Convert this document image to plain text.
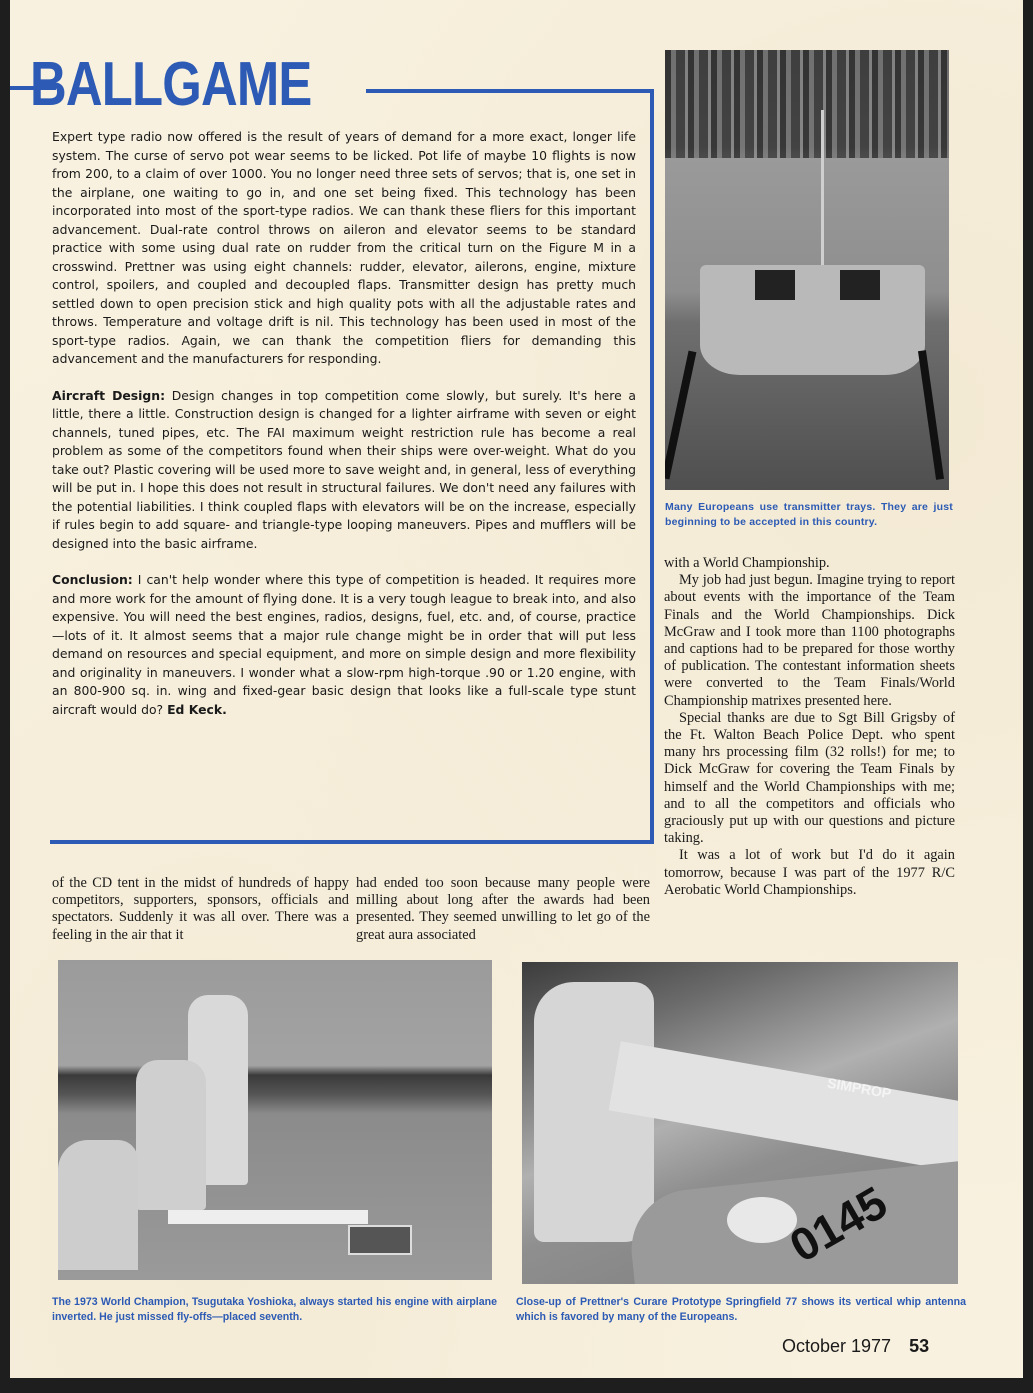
BALLGAME

Expert type radio now offered is the result of years of demand for a more exact, longer life system. The curse of servo pot wear seems to be licked. Pot life of maybe 10 flights is now from 200, to a claim of over 1000. You no longer need three sets of servos; that is, one set in the airplane, one waiting to go in, and one set being fixed. This technology has been incorporated into most of the sport-type radios. We can thank these fliers for this important advancement. Dual-rate control throws on aileron and elevator seems to be standard practice with some using dual rate on rudder from the critical turn on the Figure M in a crosswind. Prettner was using eight channels: rudder, elevator, ailerons, engine, mixture control, spoilers, and coupled and decoupled flaps. Transmitter design has pretty much settled down to open precision stick and high quality pots with all the adjustable rates and throws. Temperature and voltage drift is nil. This technology has been used in most of the sport-type radios. Again, we can thank the competition fliers for demanding this advancement and the manufacturers for responding.

Aircraft Design: Design changes in top competition come slowly, but surely. It's here a little, there a little. Construction design is changed for a lighter airframe with seven or eight channels, tuned pipes, etc. The FAI maximum weight restriction rule has become a real problem as some of the competitors found when their ships were over-weight. What do you take out? Plastic covering will be used more to save weight and, in general, less of everything will be put in. I hope this does not result in structural failures. We don't need any failures with the potential liabilities. I think coupled flaps with elevators will be on the increase, especially if rules begin to add square- and triangle-type looping maneuvers. Pipes and mufflers will be designed into the basic airframe.

Conclusion: I can't help wonder where this type of competition is headed. It requires more and more work for the amount of flying done. It is a very tough league to break into, and also expensive. You will need the best engines, radios, designs, fuel, etc. and, of course, practice—lots of it. It almost seems that a major rule change might be in order that will put less demand on resources and special equipment, and more on simple design and more flexibility and originality in maneuvers. I wonder what a slow-rpm high-torque .90 or 1.20 engine, with an 800-900 sq. in. wing and fixed-gear basic design that looks like a full-scale type stunt aircraft would do? Ed Keck.

Many Europeans use transmitter trays. They are just beginning to be accepted in this country.

with a World Championship.

My job had just begun. Imagine trying to report about events with the importance of the Team Finals and the World Championships. Dick McGraw and I took more than 1100 photographs and captions had to be prepared for those worthy of publication. The contestant information sheets were converted to the Team Finals/World Championship matrixes presented here.

Special thanks are due to Sgt Bill Grigsby of the Ft. Walton Beach Police Dept. who spent many hrs processing film (32 rolls!) for me; to Dick McGraw for covering the Team Finals by himself and the World Championships with me; and to all the competitors and officials who graciously put up with our questions and picture taking.

It was a lot of work but I'd do it again tomorrow, because I was part of the 1977 R/C Aerobatic World Championships.

of the CD tent in the midst of hundreds of happy competitors, supporters, sponsors, officials and spectators. Suddenly it was all over. There was a feeling in the air that it
had ended too soon because many people were milling about long after the awards had been presented. They seemed unwilling to let go of the great aura associated
The 1973 World Champion, Tsugutaka Yoshioka, always started his engine with airplane inverted. He just missed fly-offs—placed seventh.
SIMPROP
0145
Close-up of Prettner's Curare Prototype Springfield 77 shows its vertical whip antenna which is favored by many of the Europeans.
October 1977 53
